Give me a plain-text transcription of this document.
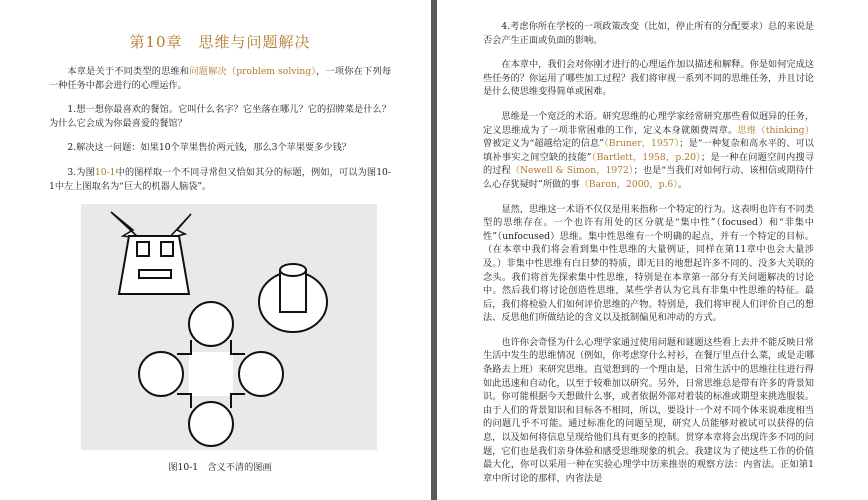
第10章　思维与问题解决

本章是关于不同类型的思维和问题解决（problem solving），一项你在下列每一种任务中都会进行的心理运作。

1.想一想你最喜欢的餐馆。它叫什么名字？它坐落在哪儿？它的招牌菜是什么？为什么它会成为你最喜爱的餐馆？

2.解决这一问题：如果10个苹果售价两元钱，那么3个苹果要多少钱？

3.为图10-1中的图样取一个不同寻常但又恰如其分的标题，例如，可以为图10-1中左上图取名为“巨大的机器人脑袋”。

图10-1　含义不清的图画

4.考虑你所在学校的一项政策改变（比如，停止所有的分配要求）总的来说是否会产生正面或负面的影响。

在本章中，我们会对你刚才进行的心理运作加以描述和解释。你是如何完成这些任务的？你运用了哪些加工过程？我们将审视一系列不同的思维任务，并且讨论是什么使思维变得简单或困难。

思维是一个宽泛的术语。研究思维的心理学家经常研究那些看似迥异的任务，定义思维成为了一项非常困难的工作，定义本身就颇费周章。思维（thinking）曾被定义为“超越给定的信息”（Bruner，1957）；是“一种复杂和高水平的、可以填补事实之间空缺的技能”（Bartlett，1958，p.20）；是一种在问题空间内搜寻的过程（Newell & Simon，1972）；也是“当我们对如何行动、该相信或期待什么心存犹疑时”所做的事（Baron，2000，p.6）。

显然，思维这一术语不仅仅是用来指称一个特定的行为。这表明也许有不同类型的思维存在。一个也许有用处的区分就是“集中性”（focused）和“非集中性”（unfocused）思维。集中性思维有一个明确的起点，并有一个特定的目标。（在本章中我们将会看到集中性思维的大量例证，同样在第11章中也会大量涉及。）非集中性思维有白日梦的特质，即无目的地想起许多不同的、没多大关联的念头。我们将首先探索集中性思维，特别是在本章第一部分有关问题解决的讨论中。然后我们将讨论创造性思维，某些学者认为它具有非集中性思维的特征。最后，我们将检验人们如何评价思维的产物。特别是，我们将审视人们评价自己的想法、反思他们所做结论的含义以及抵制偏见和冲动的方式。

也许你会奇怪为什么心理学家通过使用问题和谜题这些看上去并不能反映日常生活中发生的思维情况（例如，你考虑穿什么衬衫，在餐厅里点什么菜，或是走哪条路去上班）来研究思维。直觉想到的一个理由是，日常生活中的思维往往进行得如此迅速和自动化，以至于较难加以研究。另外，日常思维总是带有许多的背景知识。你可能根据今天想做什么事，或者依据外部对着装的标准或期望来挑选服装。由于人们的背景知识和目标各不相同，所以，要设计一个对不同个体来说难度相当的问题几乎不可能。通过标准化的问题呈现，研究人员能够对被试可以获得的信息，以及如何将信息呈现给他们具有更多的控制。贯穿本章将会出现许多不同的问题，它们也是我们亲身体验和感受思维现象的机会。我建议为了使这些工作的价值最大化，你可以采用一种在实验心理学中历来推崇的观察方法：内省法。正如第1章中所讨论的那样，内省法是
